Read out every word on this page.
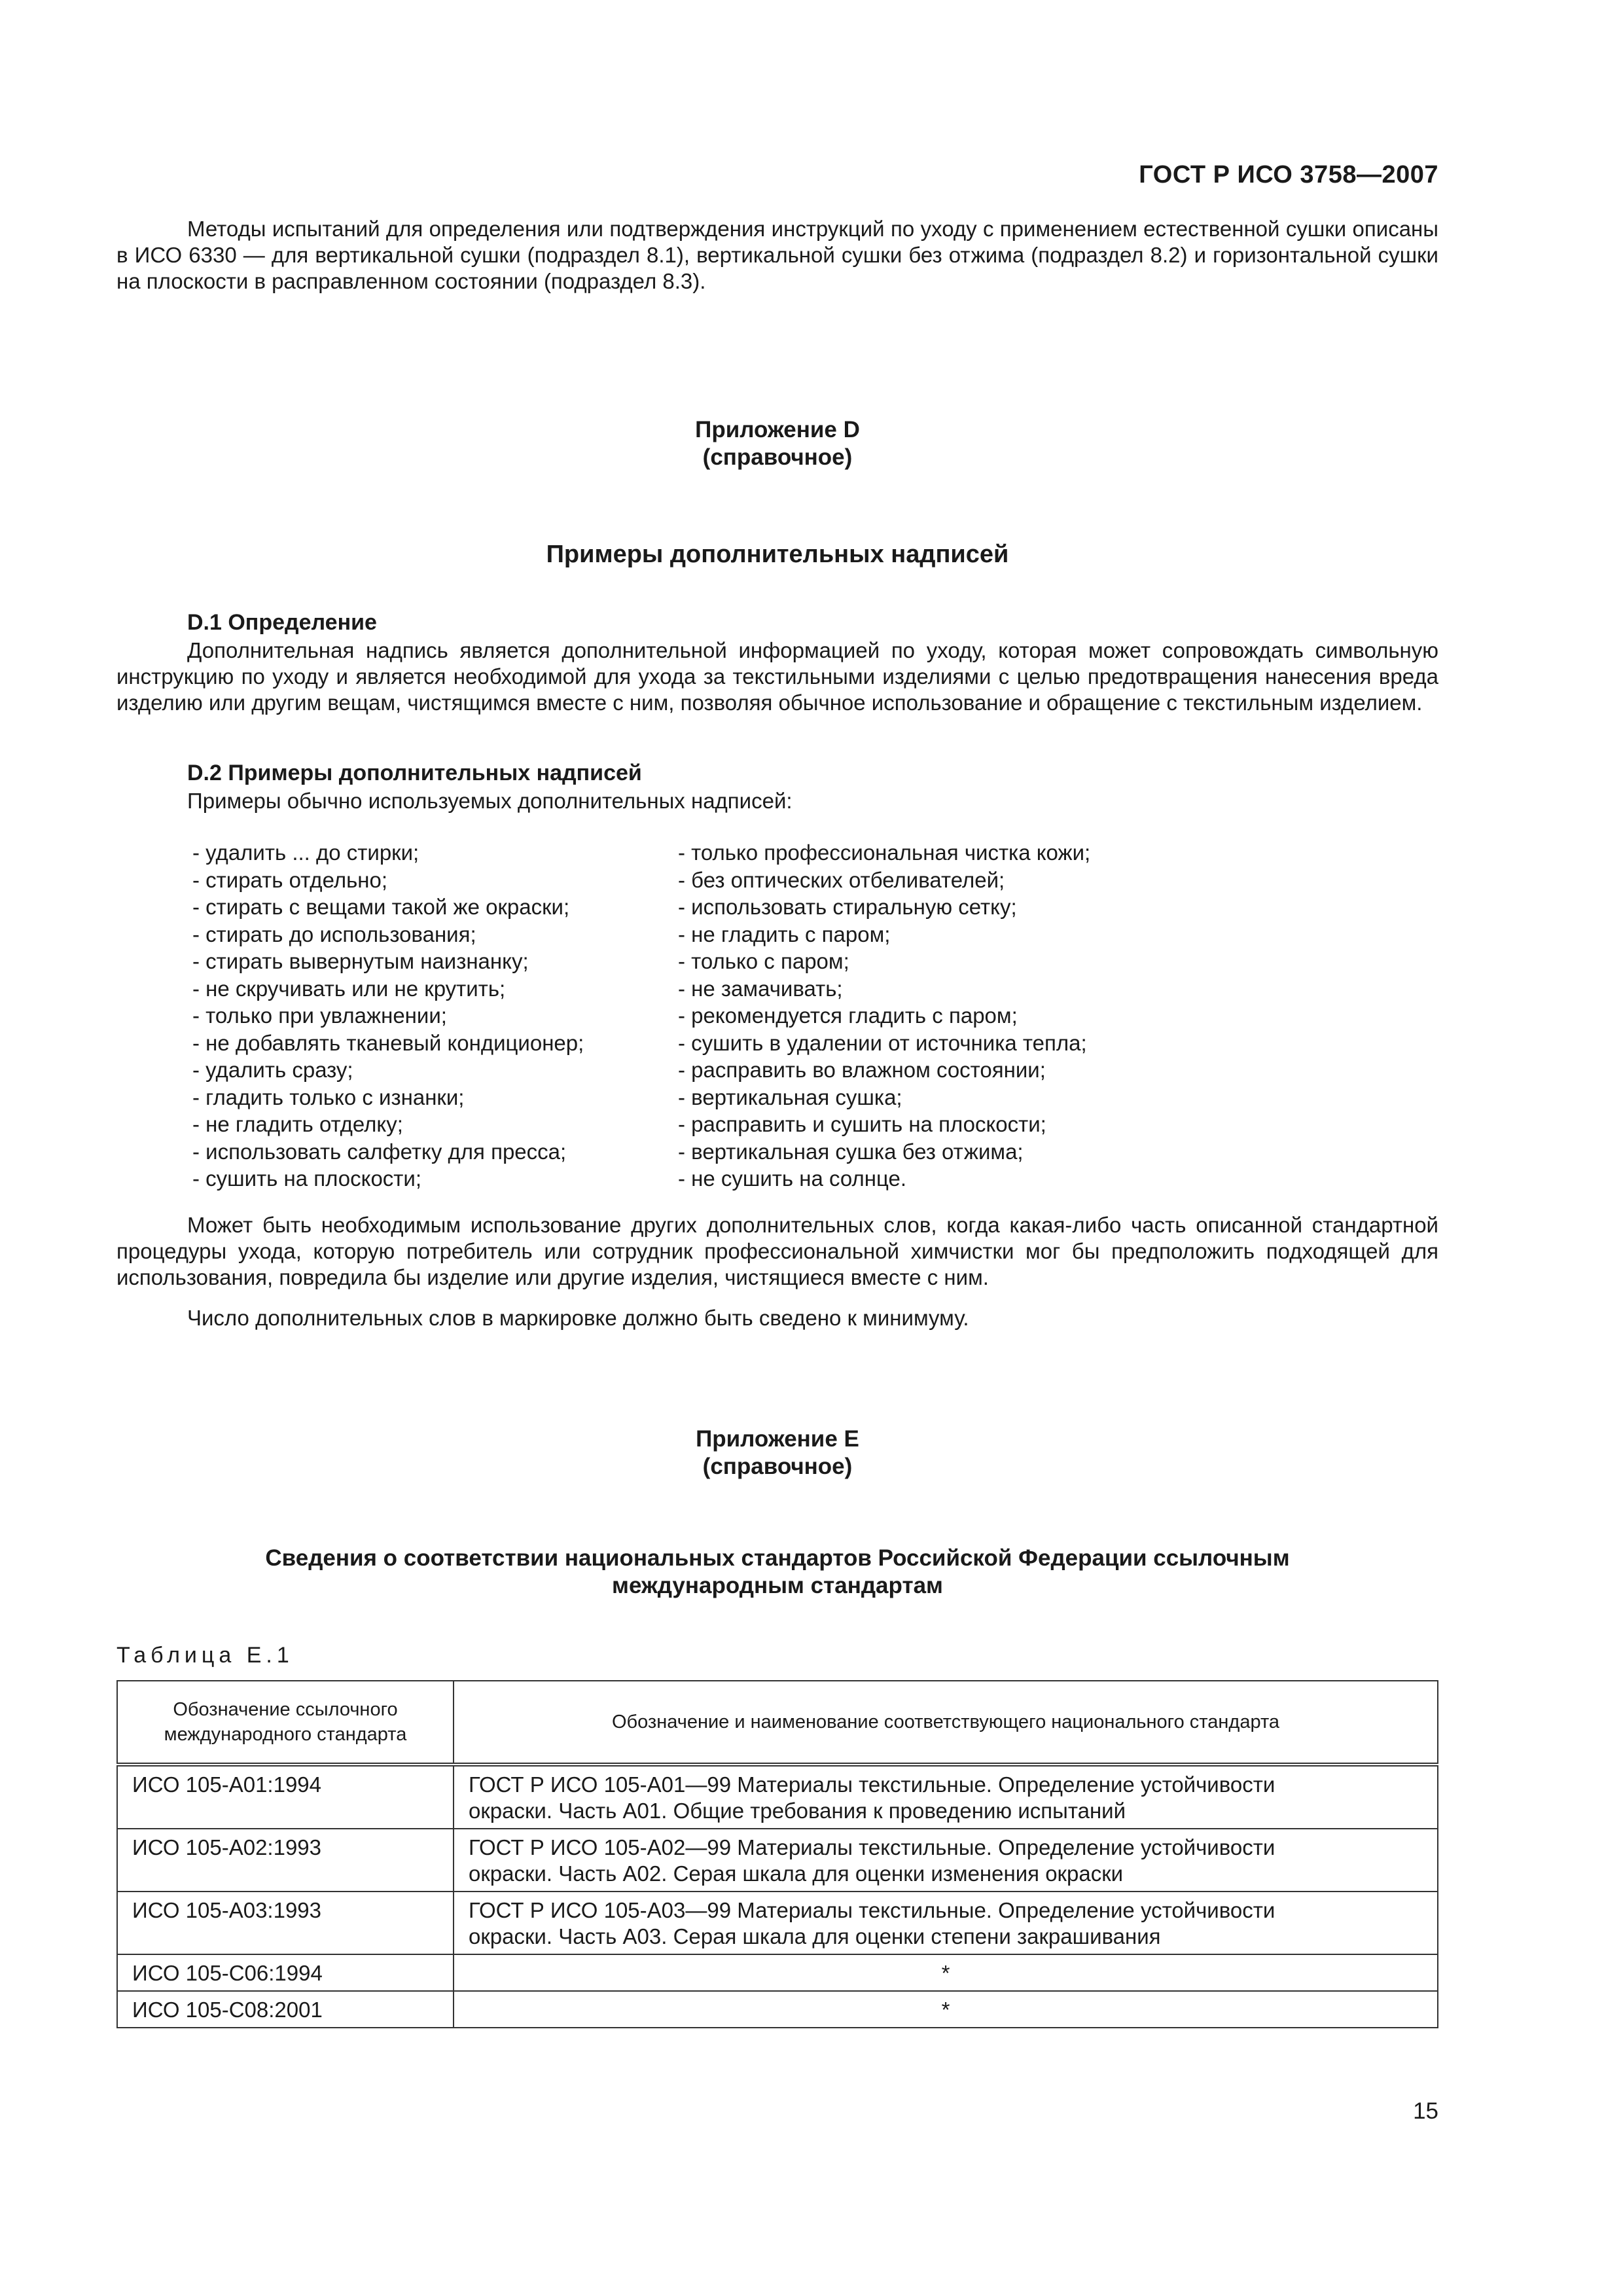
ГОСТ Р ИСО 3758—2007

Методы испытаний для определения или подтверждения инструкций по уходу с применением естественной сушки описаны в ИСО 6330 — для вертикальной сушки (подраздел 8.1), вертикальной сушки без отжима (подраздел 8.2) и горизонтальной сушки на плоскости в расправленном состоянии (подраздел 8.3).

Приложение D
(справочное)
Примеры дополнительных надписей
D.1 Определение

Дополнительная надпись является дополнительной информацией по уходу, которая может сопровождать символьную инструкцию по уходу и является необходимой для ухода за текстильными изделиями с целью предотвращения нанесения вреда изделию или другим вещам, чистящимся вместе с ним, позволяя обычное использование и обращение с текстильным изделием.

D.2 Примеры дополнительных надписей

Примеры обычно используемых дополнительных надписей:

- удалить ... до стирки;
- стирать отдельно;
- стирать с вещами такой же окраски;
- стирать до использования;
- стирать вывернутым наизнанку;
- не скручивать или не крутить;
- только при увлажнении;
- не добавлять тканевый кондиционер;
- удалить сразу;
- гладить только с изнанки;
- не гладить отделку;
- использовать салфетку для пресса;
- сушить на плоскости;
- только профессиональная чистка кожи;
- без оптических отбеливателей;
- использовать стиральную сетку;
- не гладить с паром;
- только с паром;
- не замачивать;
- рекомендуется гладить с паром;
- сушить в удалении от источника тепла;
- расправить во влажном состоянии;
- вертикальная сушка;
- расправить и сушить на плоскости;
- вертикальная сушка без отжима;
- не сушить на солнце.

Может быть необходимым использование других дополнительных слов, когда какая-либо часть описанной стандартной процедуры ухода, которую потребитель или сотрудник профессиональной химчистки мог бы предположить подходящей для использования, повредила бы изделие или другие изделия, чистящиеся вместе с ним.

Число дополнительных слов в маркировке должно быть сведено к минимуму.

Приложение E
(справочное)
Сведения о соответствии национальных стандартов Российской Федерации ссылочным
международным стандартам
Таблица E.1
Обозначение ссылочного международного стандарта	Обозначение и наименование соответствующего национального стандарта
ИСО 105-A01:1994	ГОСТ Р ИСО 105-А01—99 Материалы текстильные. Определение устойчивости
окраски. Часть А01. Общие требования к проведению испытаний

ИСО 105-A02:1993	ГОСТ Р ИСО 105-А02—99 Материалы текстильные. Определение устойчивости
окраски. Часть А02. Серая шкала для оценки изменения окраски

ИСО 105-A03:1993	ГОСТ Р ИСО 105-А03—99 Материалы текстильные. Определение устойчивости
окраски. Часть А03. Серая шкала для оценки степени закрашивания

ИСО 105-C06:1994	*
ИСО 105-C08:2001	*
15
